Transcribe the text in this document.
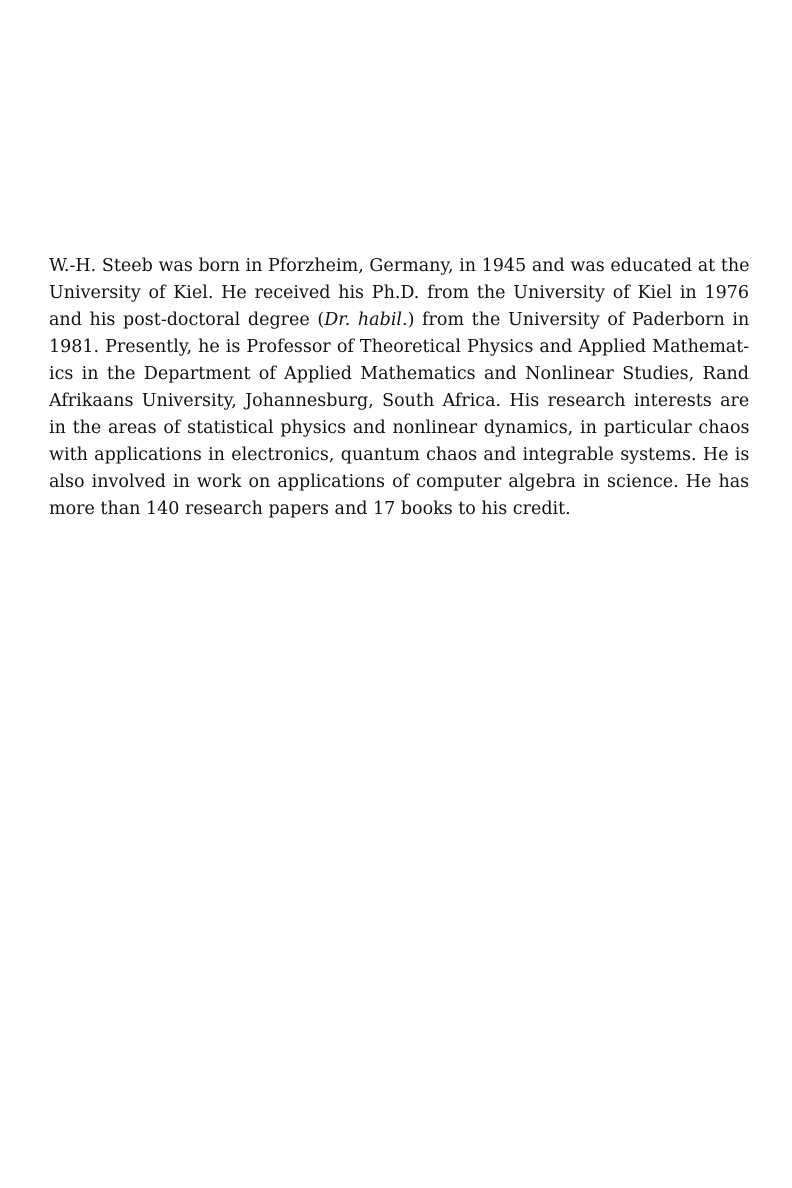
W.-H. Steeb was born in Pforzheim, Germany, in 1945 and was educated at the
University of Kiel. He received his Ph.D. from the University of Kiel in 1976
and his post-doctoral degree (Dr. habil.) from the University of Paderborn in
1981. Presently, he is Professor of Theoretical Physics and Applied Mathemat-
ics in the Department of Applied Mathematics and Nonlinear Studies, Rand
Afrikaans University, Johannesburg, South Africa. His research interests are
in the areas of statistical physics and nonlinear dynamics, in particular chaos
with applications in electronics, quantum chaos and integrable systems. He is
also involved in work on applications of computer algebra in science. He has
more than 140 research papers and 17 books to his credit.
